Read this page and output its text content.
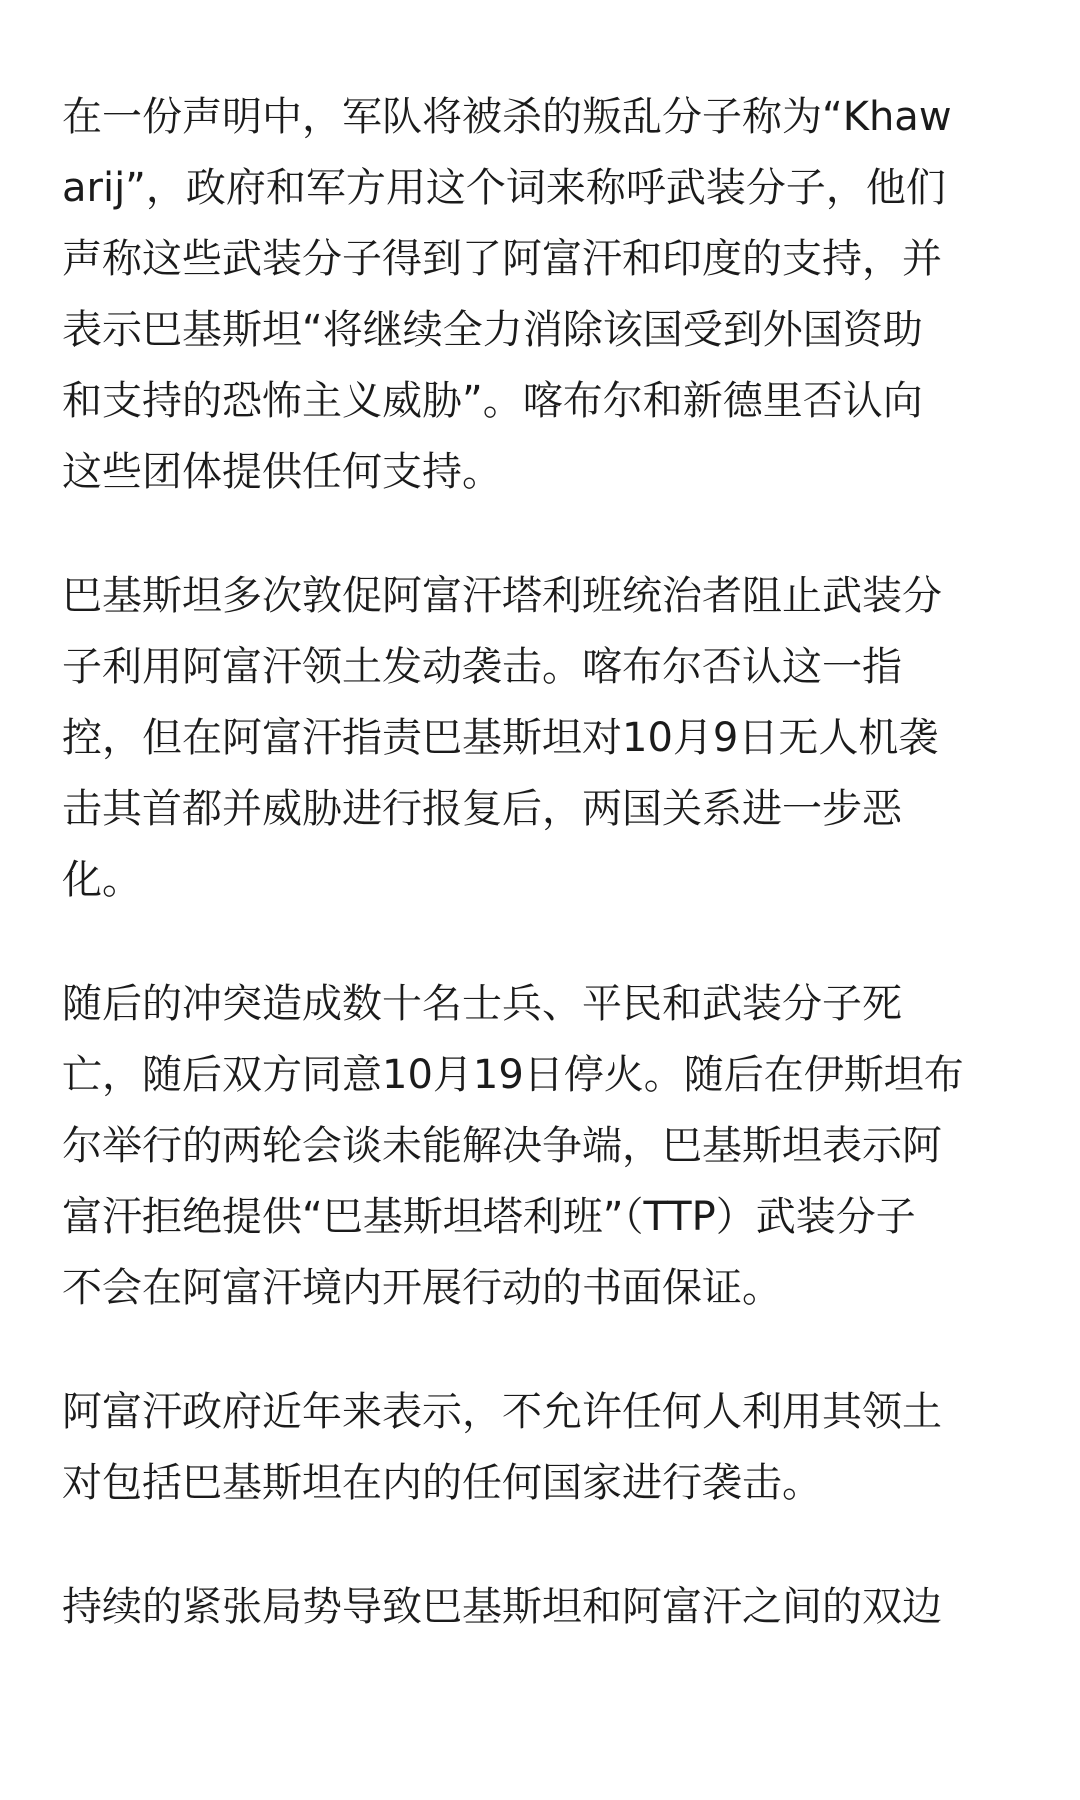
在一份声明中，军队将被杀的叛乱分子称为“Khaw
arij”，政府和军方用这个词来称呼武装分子，他们
声称这些武装分子得到了阿富汗和印度的支持，并
表示巴基斯坦“将继续全力消除该国受到外国资助
和支持的恐怖主义威胁”。喀布尔和新德里否认向
这些团体提供任何支持。

巴基斯坦多次敦促阿富汗塔利班统治者阻止武装分
子利用阿富汗领土发动袭击。喀布尔否认这一指
控，但在阿富汗指责巴基斯坦对10月9日无人机袭
击其首都并威胁进行报复后，两国关系进一步恶
化。

随后的冲突造成数十名士兵、平民和武装分子死
亡，随后双方同意10月19日停火。随后在伊斯坦布
尔举行的两轮会谈未能解决争端，巴基斯坦表示阿
富汗拒绝提供“巴基斯坦塔利班”（TTP）武装分子
不会在阿富汗境内开展行动的书面保证。

阿富汗政府近年来表示，不允许任何人利用其领土
对包括巴基斯坦在内的任何国家进行袭击。

持续的紧张局势导致巴基斯坦和阿富汗之间的双边
